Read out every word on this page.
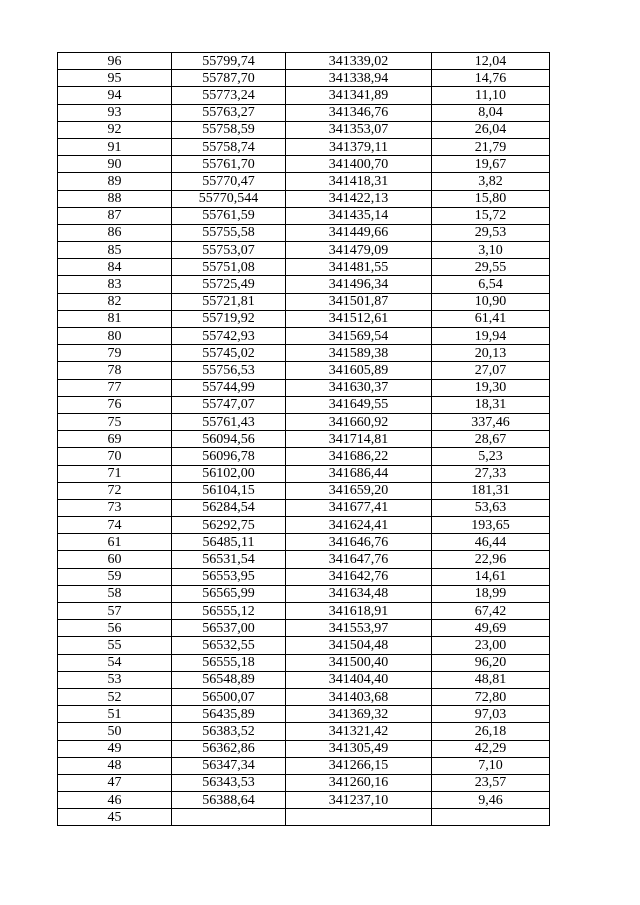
96	55799,74	341339,02	12,04
95	55787,70	341338,94	14,76
94	55773,24	341341,89	11,10
93	55763,27	341346,76	8,04
92	55758,59	341353,07	26,04
91	55758,74	341379,11	21,79
90	55761,70	341400,70	19,67
89	55770,47	341418,31	3,82
88	55770,544	341422,13	15,80
87	55761,59	341435,14	15,72
86	55755,58	341449,66	29,53
85	55753,07	341479,09	3,10
84	55751,08	341481,55	29,55
83	55725,49	341496,34	6,54
82	55721,81	341501,87	10,90
81	55719,92	341512,61	61,41
80	55742,93	341569,54	19,94
79	55745,02	341589,38	20,13
78	55756,53	341605,89	27,07
77	55744,99	341630,37	19,30
76	55747,07	341649,55	18,31
75	55761,43	341660,92	337,46
69	56094,56	341714,81	28,67
70	56096,78	341686,22	5,23
71	56102,00	341686,44	27,33
72	56104,15	341659,20	181,31
73	56284,54	341677,41	53,63
74	56292,75	341624,41	193,65
61	56485,11	341646,76	46,44
60	56531,54	341647,76	22,96
59	56553,95	341642,76	14,61
58	56565,99	341634,48	18,99
57	56555,12	341618,91	67,42
56	56537,00	341553,97	49,69
55	56532,55	341504,48	23,00
54	56555,18	341500,40	96,20
53	56548,89	341404,40	48,81
52	56500,07	341403,68	72,80
51	56435,89	341369,32	97,03
50	56383,52	341321,42	26,18
49	56362,86	341305,49	42,29
48	56347,34	341266,15	7,10
47	56343,53	341260,16	23,57
46	56388,64	341237,10	9,46
45			
